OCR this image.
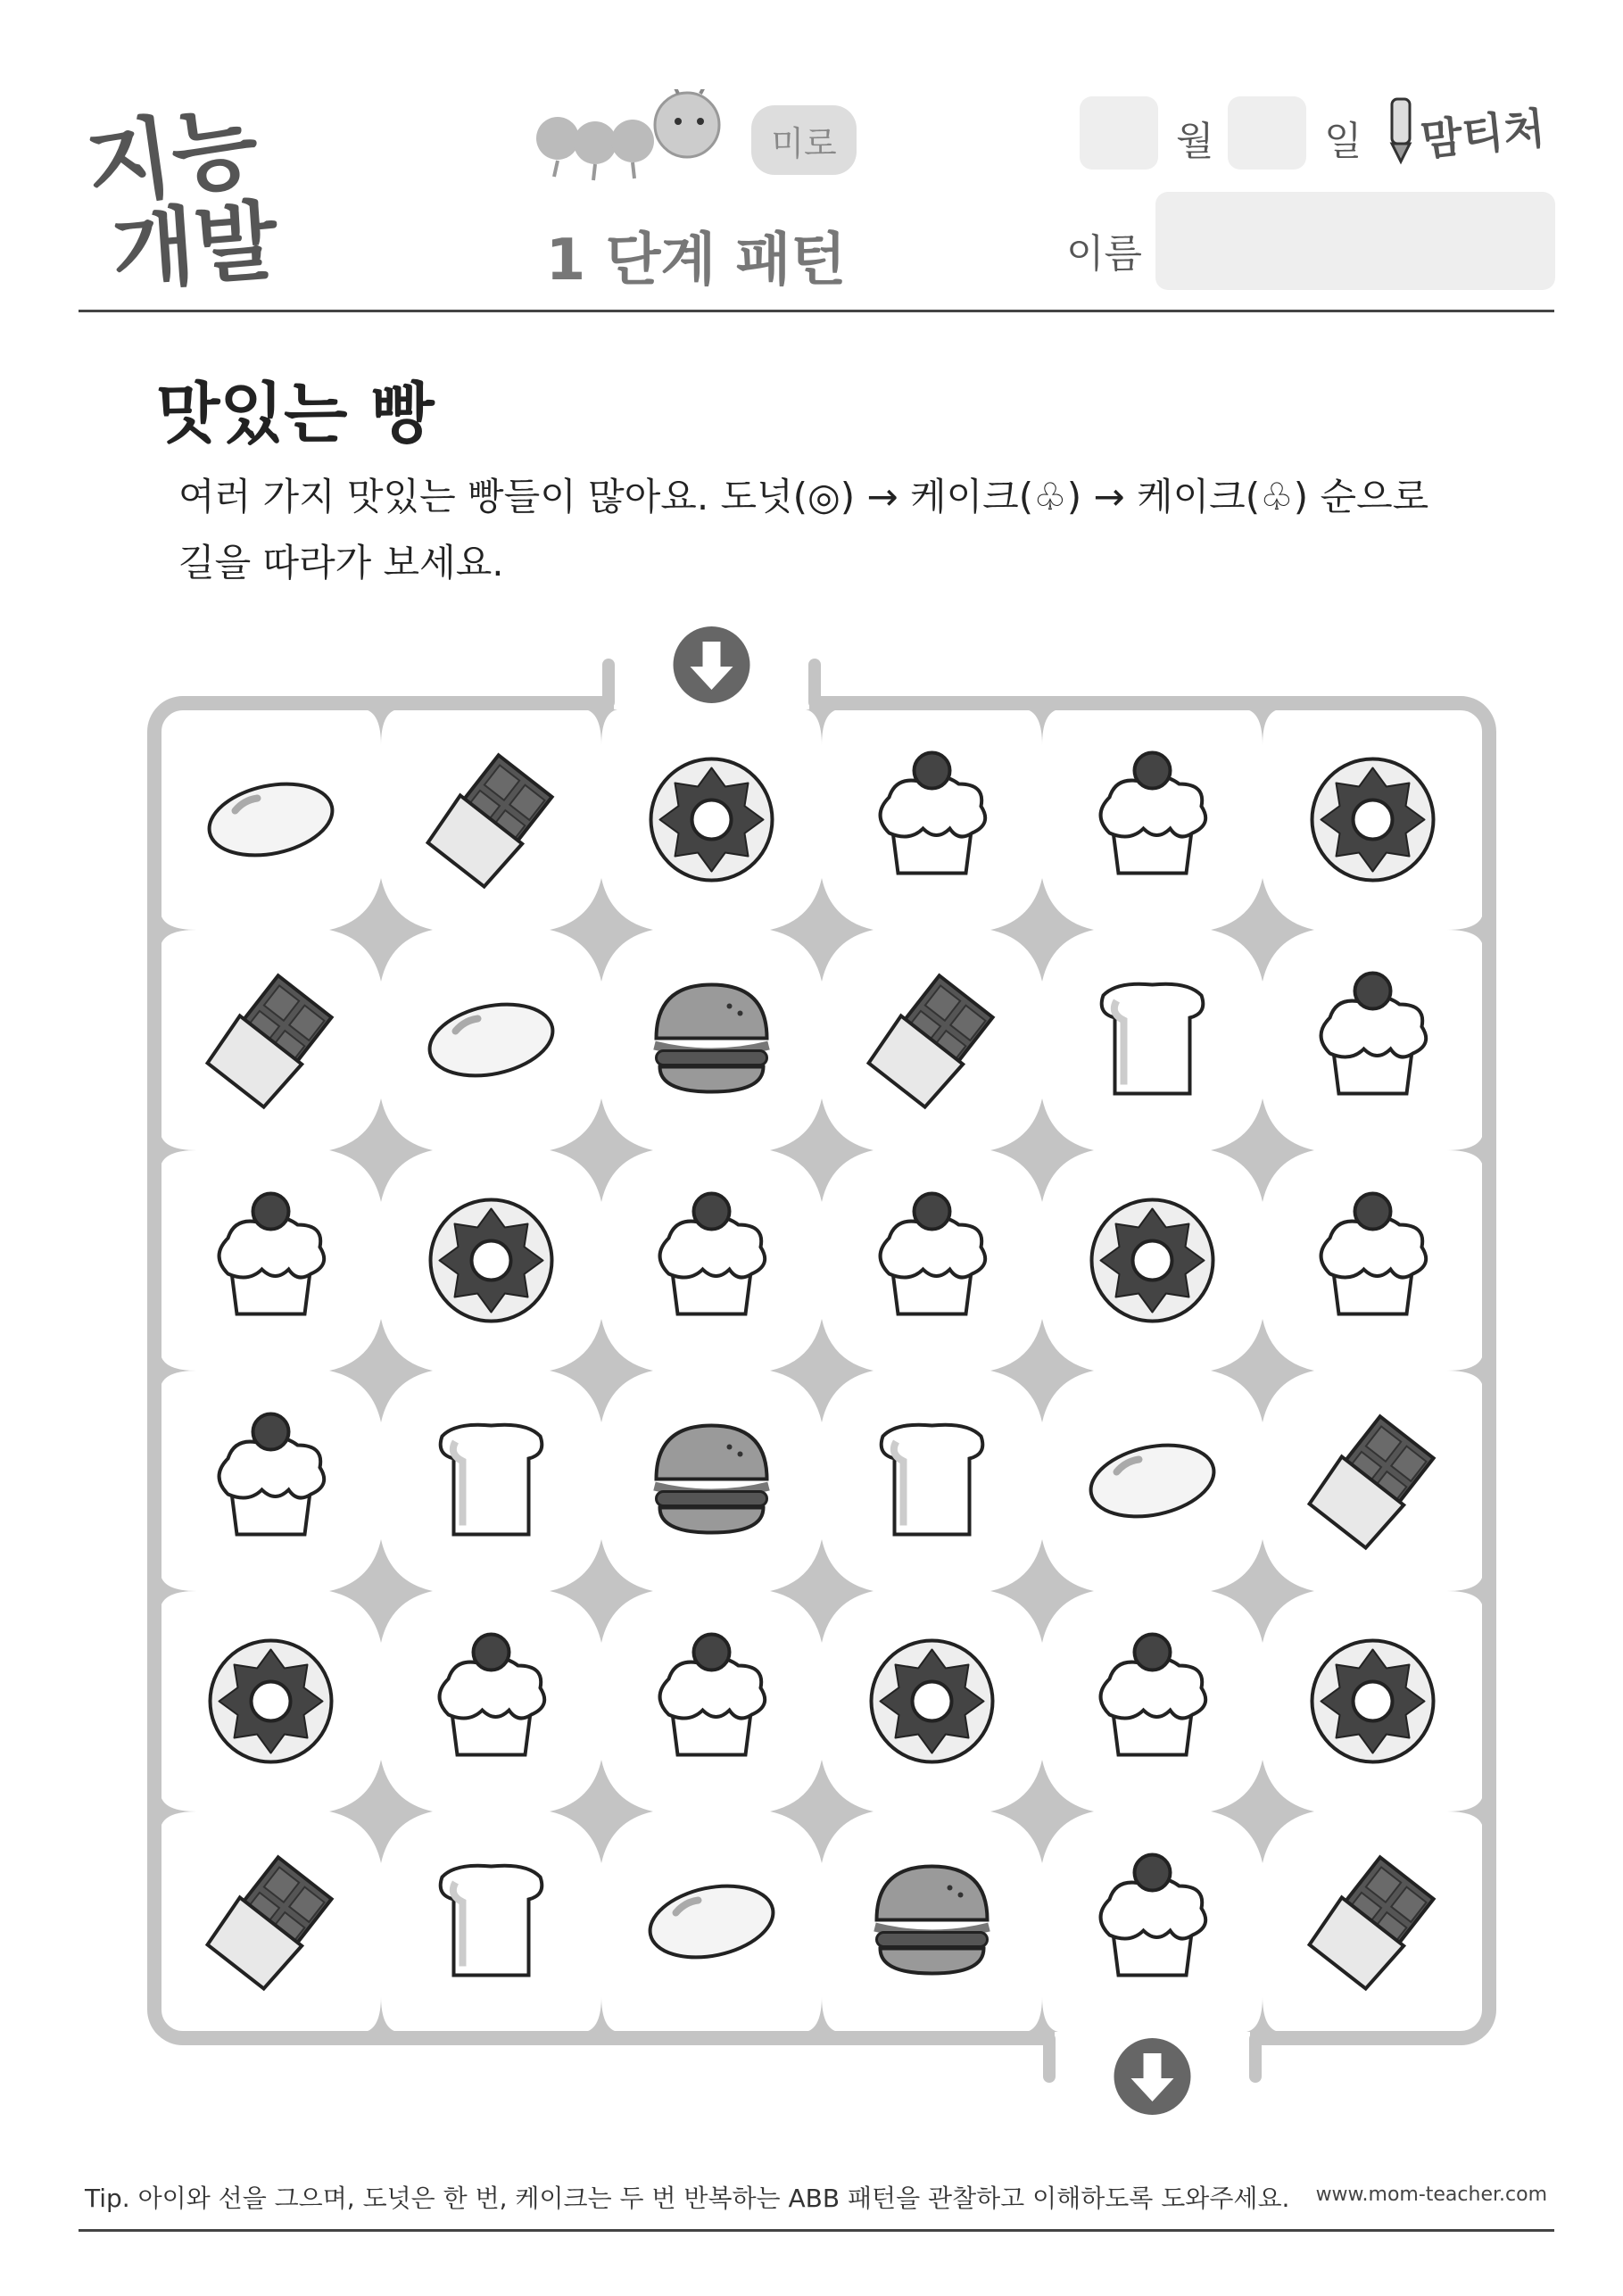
지능
개발
미로
1 단계 패턴
월	일 맘티처
이름
맛있는 빵
여러 가지 맛있는 빵들이 많아요. 도넛(◎) → 케이크(♧) → 케이크(♧) 순으로
길을 따라가 보세요.
Tip. 아이와 선을 그으며, 도넛은 한 번, 케이크는 두 번 반복하는 ABB 패턴을 관찰하고 이해하도록 도와주세요. www.mom-teacher.com
